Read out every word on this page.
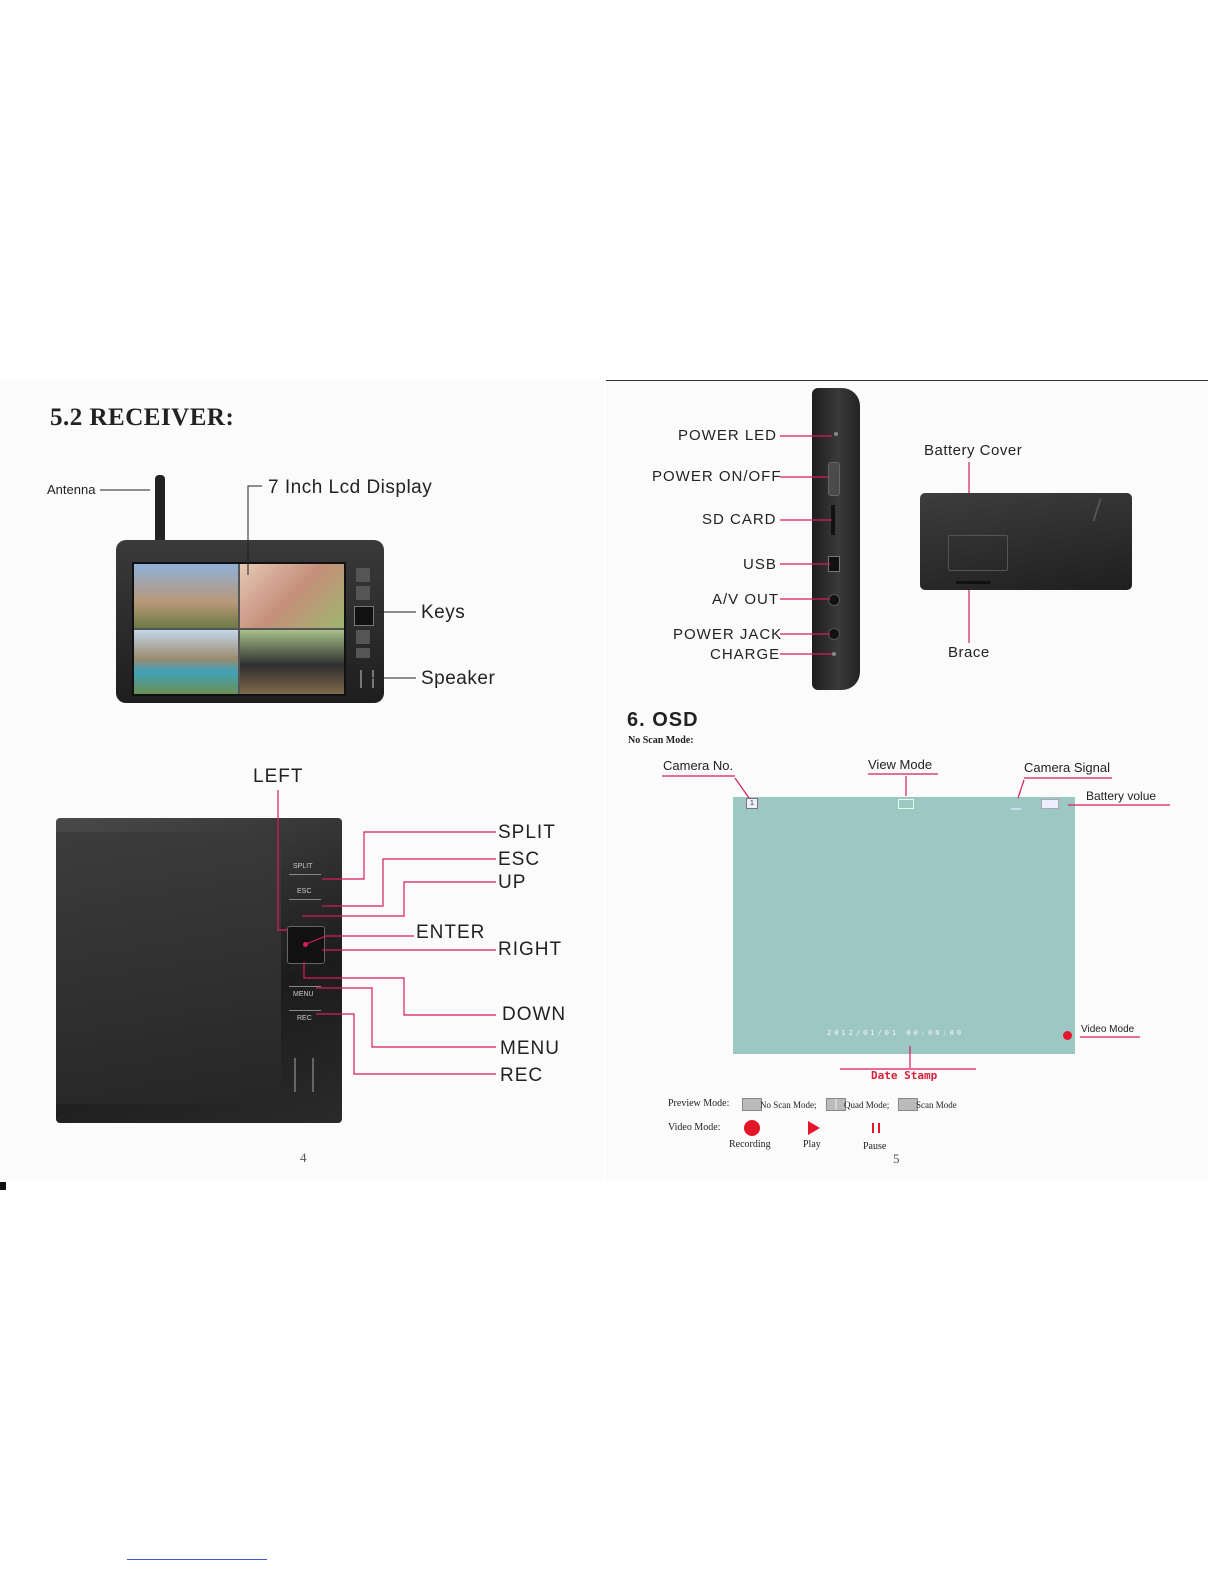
5.2 RECEIVER:
Antenna	7 Inch Lcd Display
Keys
Speaker
SPLIT
ESC
MENU
REC
LEFT
SPLIT
ESC
UP
ENTER
RIGHT
DOWN
MENU
REC
4
POWER LED
POWER ON/OFF
SD CARD
USB
A/V OUT
POWER JACK
CHARGE
Battery Cover
Brace
6. OSD
No Scan Mode:
1
2012/01/01 00:00:00
Camera No.	View Mode	Camera Signal
Battery volue
Video Mode
Date Stamp
Preview Mode:	No Scan Mode;	Quad Mode;	Scan Mode
Video Mode:
Recording	Play	Pause
5
